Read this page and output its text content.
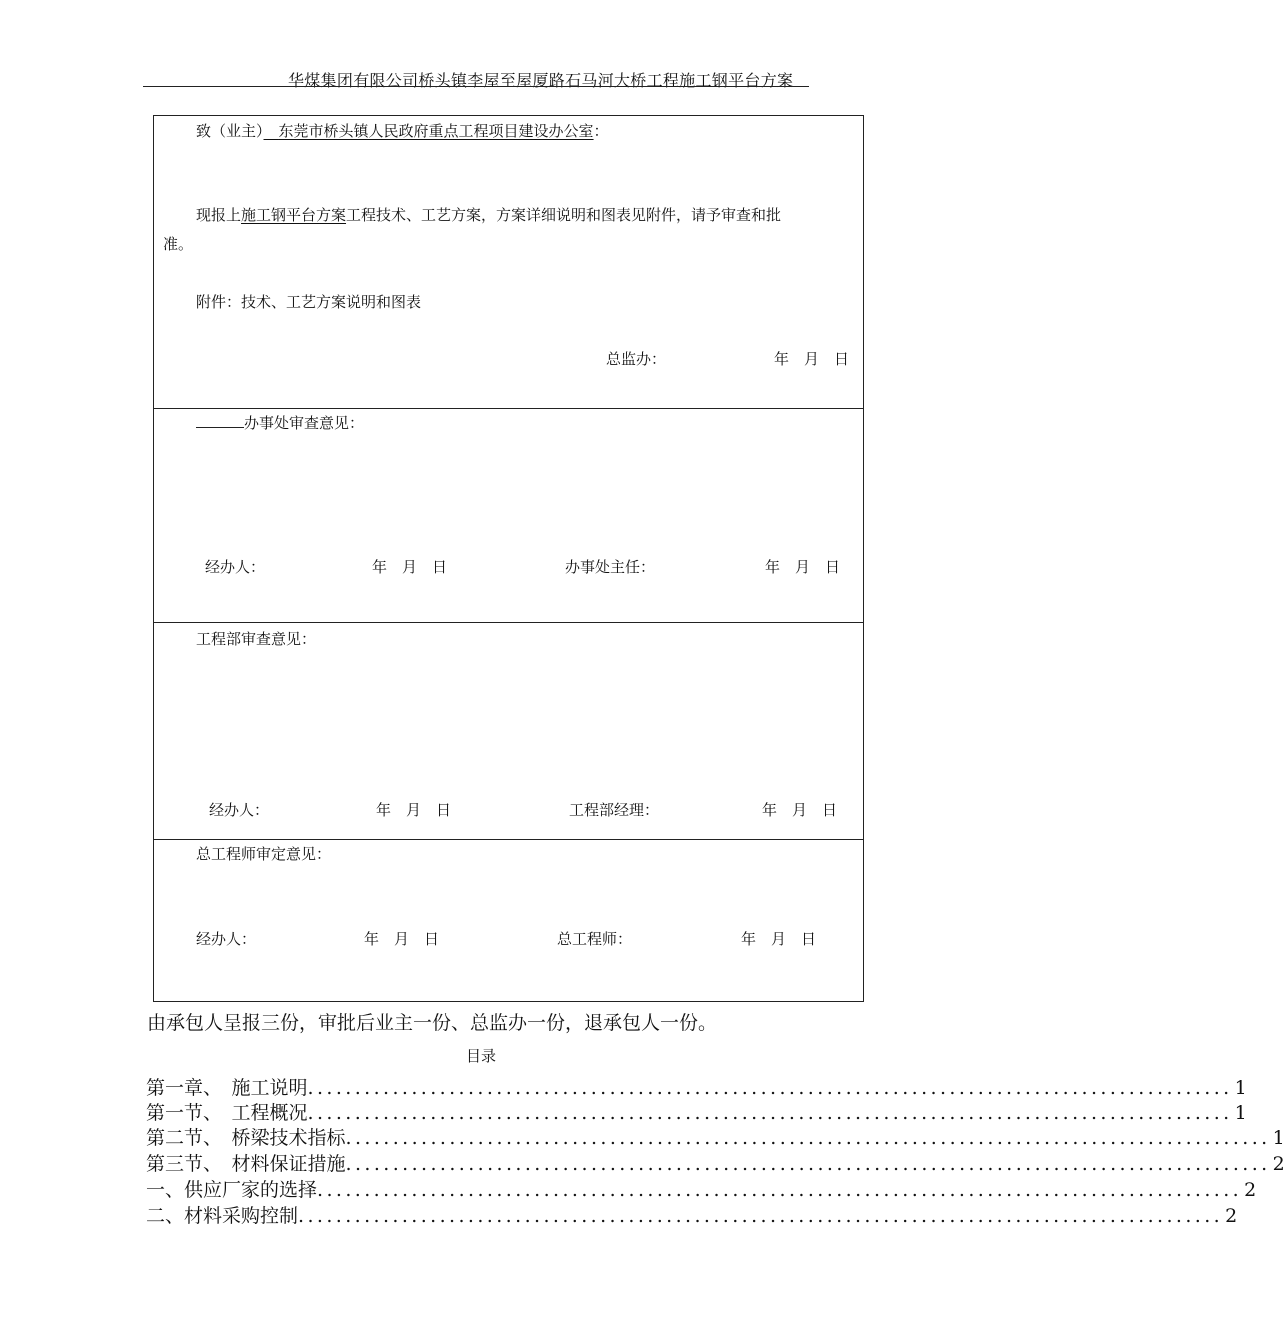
华煤集团有限公司桥头镇李屋至屋厦路石马河大桥工程施工钢平台方案
致（业主）　 东莞市桥头镇人民政府重点工程项目建设办公室：
现报上施工钢平台方案工程技术、工艺方案，方案详细说明和图表见附件，请予审查和批
准。
附件：技术、工艺方案说明和图表
总监办：	年　月　日
办事处审查意见：
经办人：	年　月　日	办事处主任：	年　月　日
工程部审查意见：
经办人：	年　月　日	工程部经理：	年　月　日
总工程师审定意见：
经办人：	年　月　日	总工程师：	年　月　日
由承包人呈报三份，审批后业主一份、总监办一份，退承包人一份。
目录
第一章、　施工说明 .................................................................................................. 1
第一节、　工程概况 .................................................................................................. 1
第二节、　桥梁技术指标 .................................................................................................. 1
第三节、　材料保证措施 .................................................................................................. 2
一、供应厂家的选择 .................................................................................................. 2
二、材料采购控制 .................................................................................................. 2
